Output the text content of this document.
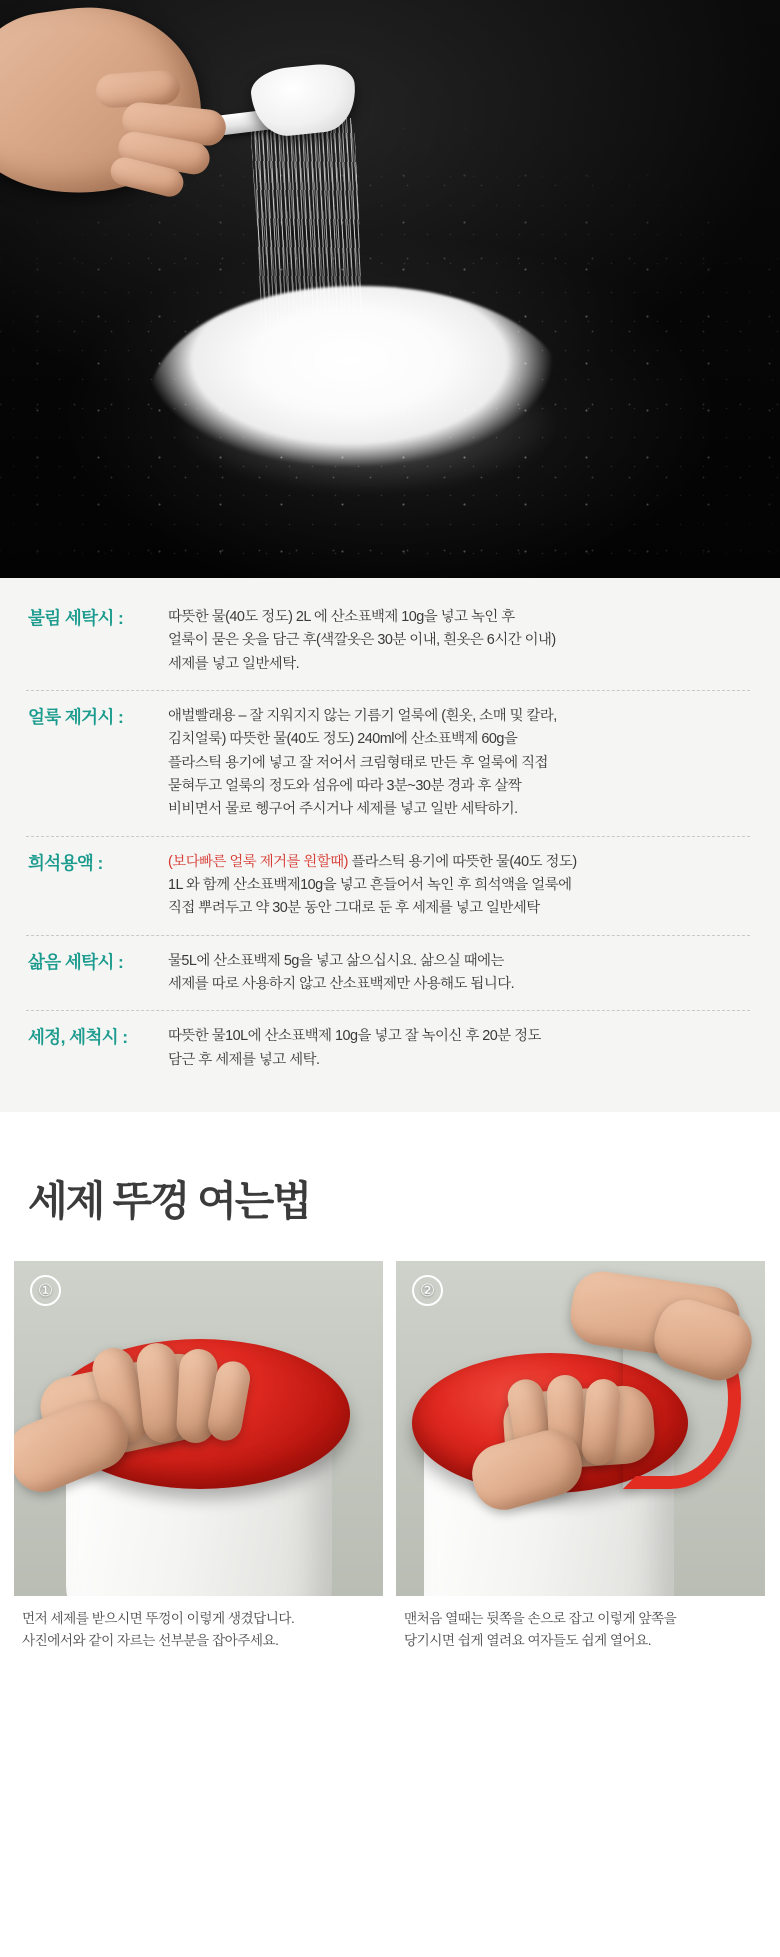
불림 세탁시 :	따뜻한 물(40도 정도) 2L 에 산소표백제 10g을 넣고 녹인 후
얼룩이 묻은 옷을 담근 후(색깔옷은 30분 이내, 흰옷은 6시간 이내)
세제를 넣고 일반세탁.
얼룩 제거시 :	애벌빨래용 – 잘 지워지지 않는 기름기 얼룩에 (흰옷, 소매 및 칼라,
김치얼룩) 따뜻한 물(40도 정도) 240ml에 산소표백제 60g을
플라스틱 용기에 넣고 잘 저어서 크림형태로 만든 후 얼룩에 직접
묻혀두고 얼룩의 정도와 섬유에 따라 3분~30분 경과 후 살짝
비비면서 물로 헹구어 주시거나 세제를 넣고 일반 세탁하기.
희석용액 :	(보다빠른 얼룩 제거를 원할때) 플라스틱 용기에 따뜻한 물(40도 정도)
1L 와 함께 산소표백제10g을 넣고 흔들어서 녹인 후 희석액을 얼룩에
직접 뿌려두고 약 30분 동안 그대로 둔 후 세제를 넣고 일반세탁
삶음 세탁시 :	물5L에 산소표백제 5g을 넣고 삶으십시요. 삶으실 때에는
세제를 따로 사용하지 않고 산소표백제만 사용해도 됩니다.
세정, 세척시 :	따뜻한 물10L에 산소표백제 10g을 넣고 잘 녹이신 후 20분 정도
담근 후 세제를 넣고 세탁.
세제 뚜껑 여는법
①
먼저 세제를 받으시면 뚜껑이 이렇게 생겼답니다.
사진에서와 같이 자르는 선부분을 잡아주세요.
②
맨처음 열때는 뒷쪽을 손으로 잡고 이렇게 앞쪽을
당기시면 쉽게 열려요 여자들도 쉽게 열어요.
